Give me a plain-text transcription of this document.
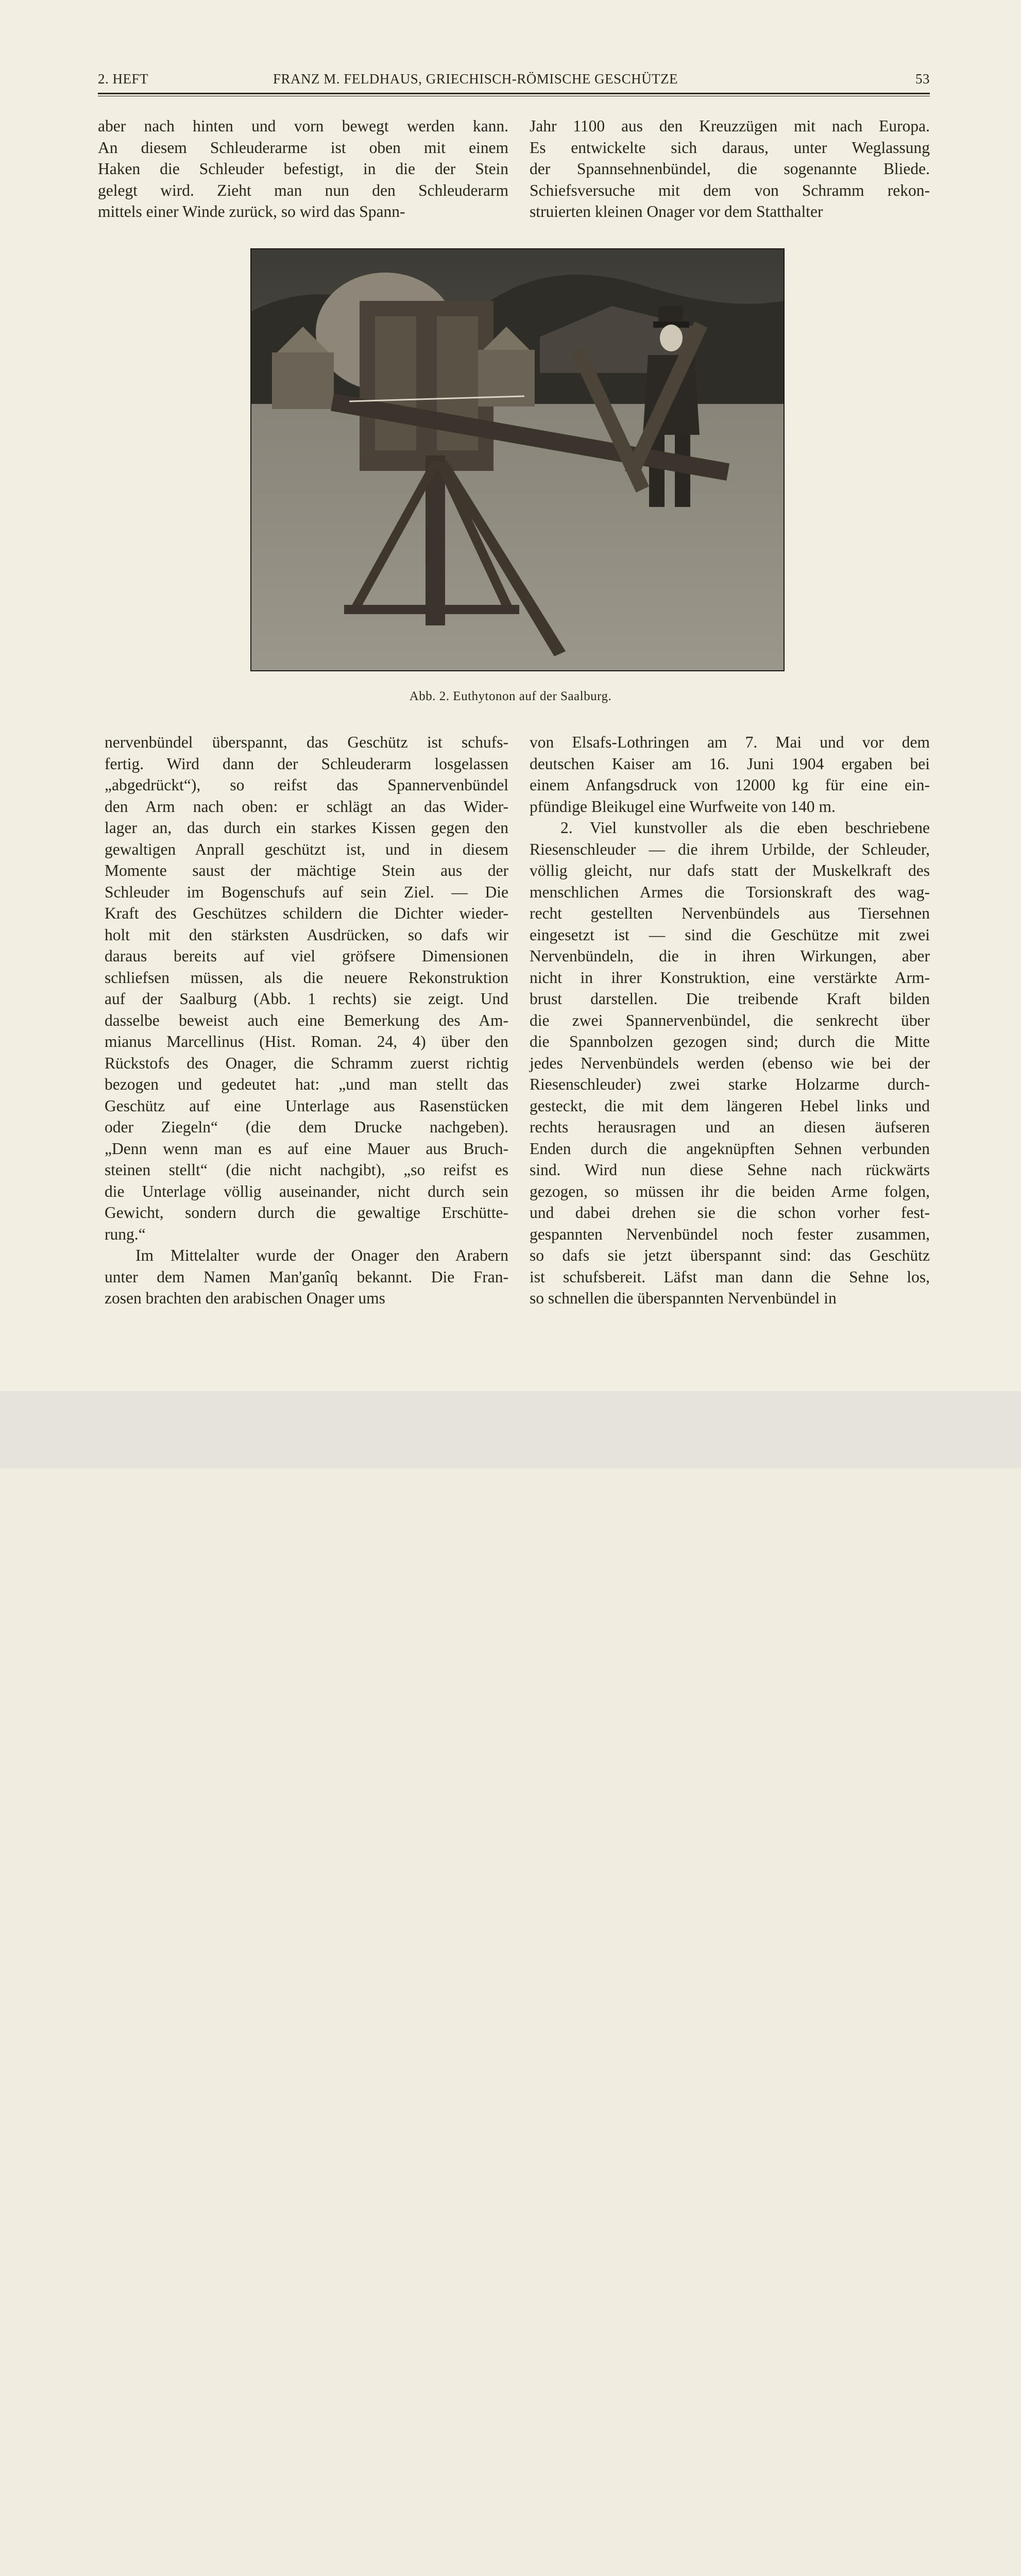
2. HEFT	FRANZ M. FELDHAUS, GRIECHISCH-RÖMISCHE GESCHÜTZE	53
aber nach hinten und vorn bewegt werden kann.
An diesem Schleuderarme ist oben mit einem
Haken die Schleuder befestigt, in die der Stein
gelegt wird. Zieht man nun den Schleuderarm
mittels einer Winde zurück, so wird das Spann-
Jahr 1100 aus den Kreuzzügen mit nach Europa.
Es entwickelte sich daraus, unter Weglassung
der Spannsehnenbündel, die sogenannte Bliede.
Schiefsversuche mit dem von Schramm rekon-
struierten kleinen Onager vor dem Statthalter
Abb. 2. Euthytonon auf der Saalburg.
nervenbündel überspannt, das Geschütz ist schufs-
fertig. Wird dann der Schleuderarm losgelassen
„abgedrückt“), so reifst das Spannervenbündel
den Arm nach oben: er schlägt an das Wider-
lager an, das durch ein starkes Kissen gegen den
gewaltigen Anprall geschützt ist, und in diesem
Momente saust der mächtige Stein aus der
Schleuder im Bogenschufs auf sein Ziel. — Die
Kraft des Geschützes schildern die Dichter wieder-
holt mit den stärksten Ausdrücken, so dafs wir
daraus bereits auf viel gröfsere Dimensionen
schliefsen müssen, als die neuere Rekonstruktion
auf der Saalburg (Abb. 1 rechts) sie zeigt. Und
dasselbe beweist auch eine Bemerkung des Am-
mianus Marcellinus (Hist. Roman. 24, 4) über den
Rückstofs des Onager, die Schramm zuerst richtig
bezogen und gedeutet hat: „und man stellt das
Geschütz auf eine Unterlage aus Rasenstücken
oder Ziegeln“ (die dem Drucke nachgeben).
„Denn wenn man es auf eine Mauer aus Bruch-
steinen stellt“ (die nicht nachgibt), „so reifst es
die Unterlage völlig auseinander, nicht durch sein
Gewicht, sondern durch die gewaltige Erschütte-
rung.“
Im Mittelalter wurde der Onager den Arabern
unter dem Namen Man'ganîq bekannt. Die Fran-
zosen brachten den arabischen Onager ums
von Elsafs-Lothringen am 7. Mai und vor dem
deutschen Kaiser am 16. Juni 1904 ergaben bei
einem Anfangsdruck von 12000 kg für eine ein-
pfündige Bleikugel eine Wurfweite von 140 m.
2. Viel kunstvoller als die eben beschriebene
Riesenschleuder — die ihrem Urbilde, der Schleuder,
völlig gleicht, nur dafs statt der Muskelkraft des
menschlichen Armes die Torsionskraft des wag-
recht gestellten Nervenbündels aus Tiersehnen
eingesetzt ist — sind die Geschütze mit zwei
Nervenbündeln, die in ihren Wirkungen, aber
nicht in ihrer Konstruktion, eine verstärkte Arm-
brust darstellen. Die treibende Kraft bilden
die zwei Spannervenbündel, die senkrecht über
die Spannbolzen gezogen sind; durch die Mitte
jedes Nervenbündels werden (ebenso wie bei der
Riesenschleuder) zwei starke Holzarme durch-
gesteckt, die mit dem längeren Hebel links und
rechts herausragen und an diesen äufseren
Enden durch die angeknüpften Sehnen verbunden
sind. Wird nun diese Sehne nach rückwärts
gezogen, so müssen ihr die beiden Arme folgen,
und dabei drehen sie die schon vorher fest-
gespannten Nervenbündel noch fester zusammen,
so dafs sie jetzt überspannt sind: das Geschütz
ist schufsbereit. Läfst man dann die Sehne los,
so schnellen die überspannten Nervenbündel in
